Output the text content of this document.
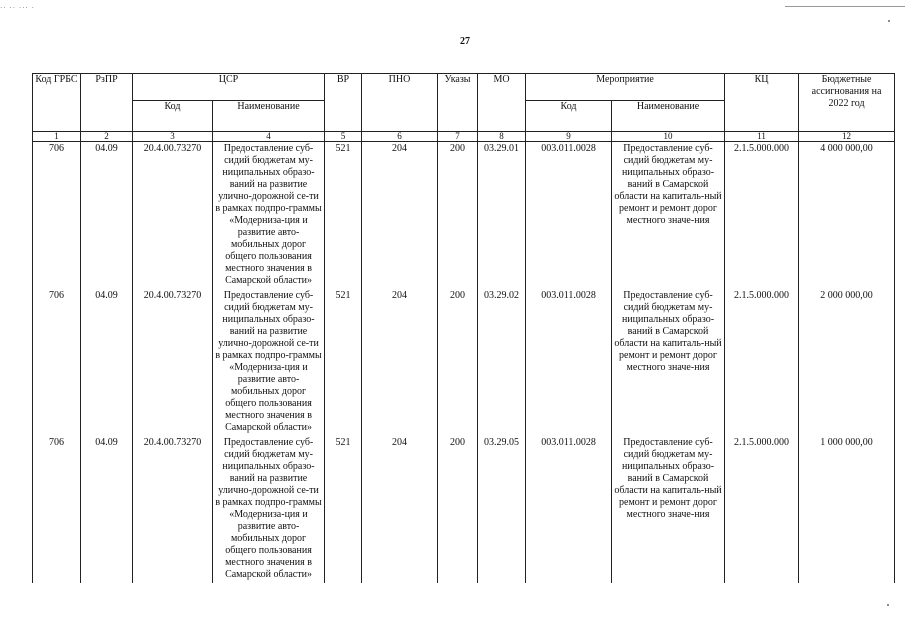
·· ·· ··· ·
27
Код ГРБС	РзПР	ЦСР		ВР	ПНО	Указы	МО	Мероприятие		КЦ	Бюджетные ассигнования на 2022 год
		Код	Наименование					Код	Наименование		
1	2	3	4	5	6	7	8	9	10	11	12
706	04.09	20.4.00.73270	Предоставление суб-сидий бюджетам му-ниципальных образо-ваний на развитие улично-дорожной се-ти в рамках подпро-граммы «Модерниза-ция и развитие авто-мобильных дорог общего пользования местного значения в Самарской области»	521	204	200	03.29.01	003.011.0028	Предоставление суб-сидий бюджетам му-ниципальных образо-ваний в Самарской области на капиталь-ный ремонт и ремонт дорог местного значе-ния	2.1.5.000.000	4 000 000,00
706	04.09	20.4.00.73270	Предоставление суб-сидий бюджетам му-ниципальных образо-ваний на развитие улично-дорожной се-ти в рамках подпро-граммы «Модерниза-ция и развитие авто-мобильных дорог общего пользования местного значения в Самарской области»	521	204	200	03.29.02	003.011.0028	Предоставление суб-сидий бюджетам му-ниципальных образо-ваний в Самарской области на капиталь-ный ремонт и ремонт дорог местного значе-ния	2.1.5.000.000	2 000 000,00
706	04.09	20.4.00.73270	Предоставление суб-сидий бюджетам му-ниципальных образо-ваний на развитие улично-дорожной се-ти в рамках подпро-граммы «Модерниза-ция и развитие авто-мобильных дорог общего пользования местного значения в Самарской области»	521	204	200	03.29.05	003.011.0028	Предоставление суб-сидий бюджетам му-ниципальных образо-ваний в Самарской области на капиталь-ный ремонт и ремонт дорог местного значе-ния	2.1.5.000.000	1 000 000,00
